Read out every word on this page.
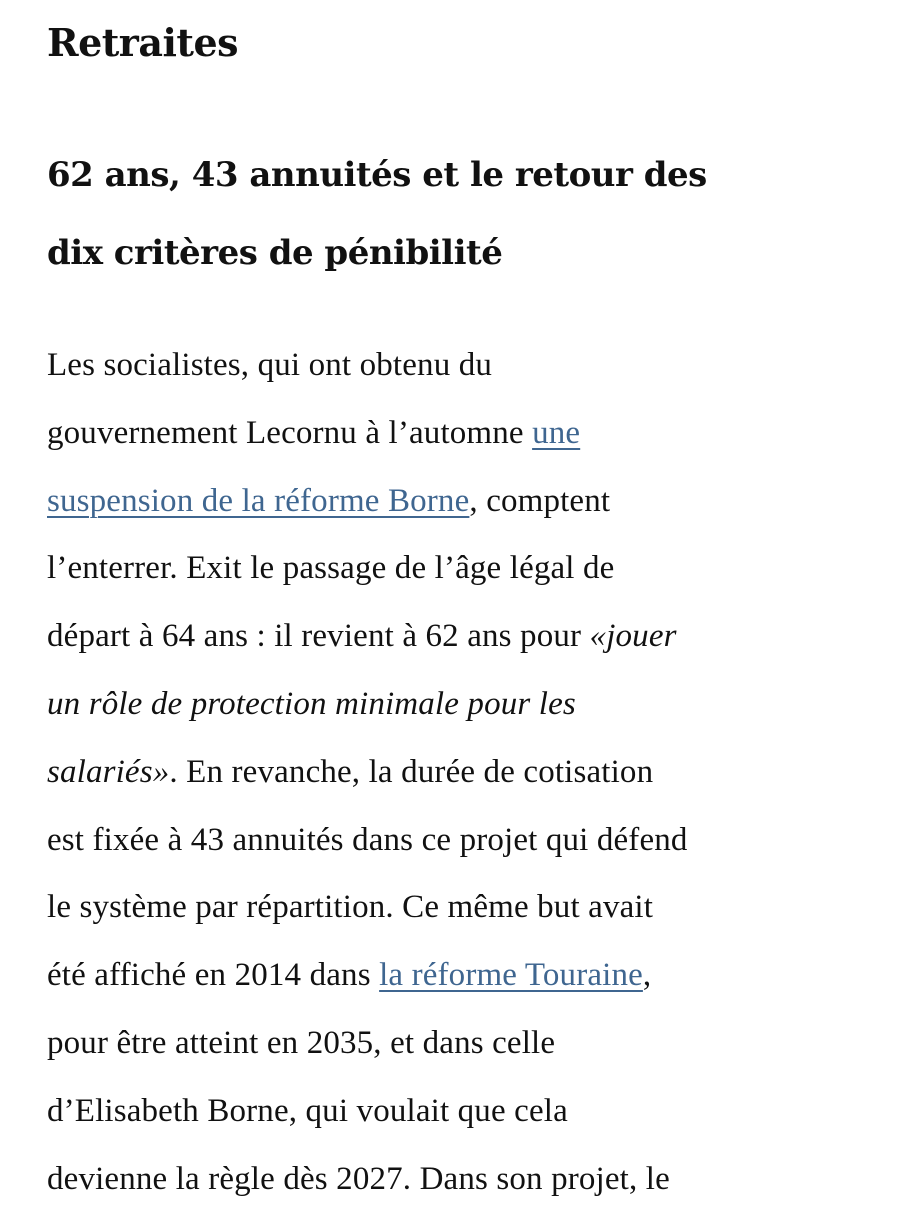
Retraites
62 ans, 43 annuités et le retour des
dix critères de pénibilité

Les socialistes, qui ont obtenu du
gouvernement Lecornu à l’automne une
suspension de la réforme Borne, comptent
l’enterrer. Exit le passage de l’âge légal de
départ à 64 ans : il revient à 62 ans pour «jouer
un rôle de protection minimale pour les
salariés». En revanche, la durée de cotisation
est fixée à 43 annuités dans ce projet qui défend
le système par répartition. Ce même but avait
été affiché en 2014 dans la réforme Touraine,
pour être atteint en 2035, et dans celle
d’Elisabeth Borne, qui voulait que cela
devienne la règle dès 2027. Dans son projet, le
